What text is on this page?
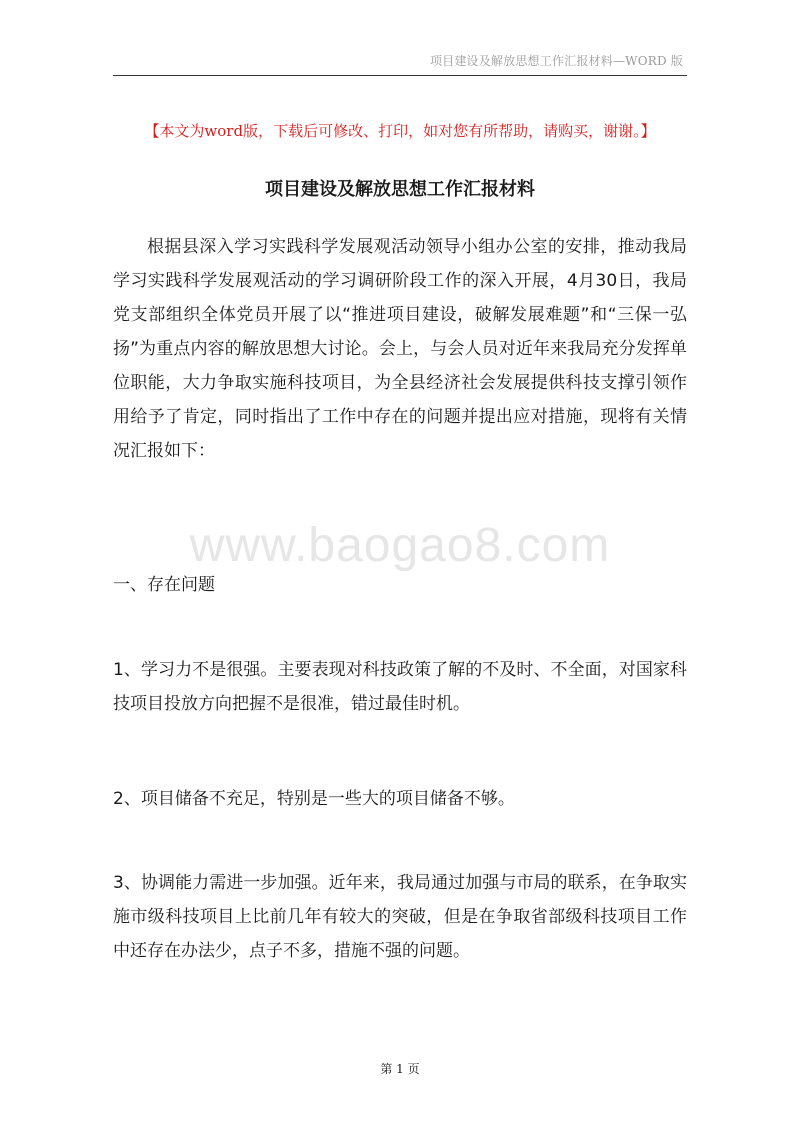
项目建设及解放思想工作汇报材料—WORD 版
【本文为word版，下载后可修改、打印，如对您有所帮助，请购买，谢谢。】
项目建设及解放思想工作汇报材料

根据县深入学习实践科学发展观活动领导小组办公室的安排，推动我局学习实践科学发展观活动的学习调研阶段工作的深入开展，4月30日，我局党支部组织全体党员开展了以“推进项目建设，破解发展难题”和“三保一弘扬”为重点内容的解放思想大讨论。会上，与会人员对近年来我局充分发挥单位职能，大力争取实施科技项目，为全县经济社会发展提供科技支撑引领作用给予了肯定，同时指出了工作中存在的问题并提出应对措施，现将有关情况汇报如下：

www.baogao8.com

一、存在问题

1、学习力不是很强。主要表现对科技政策了解的不及时、不全面，对国家科技项目投放方向把握不是很准，错过最佳时机。

2、项目储备不充足，特别是一些大的项目储备不够。

3、协调能力需进一步加强。近年来，我局通过加强与市局的联系，在争取实施市级科技项目上比前几年有较大的突破，但是在争取省部级科技项目工作中还存在办法少，点子不多，措施不强的问题。

第 1 页
